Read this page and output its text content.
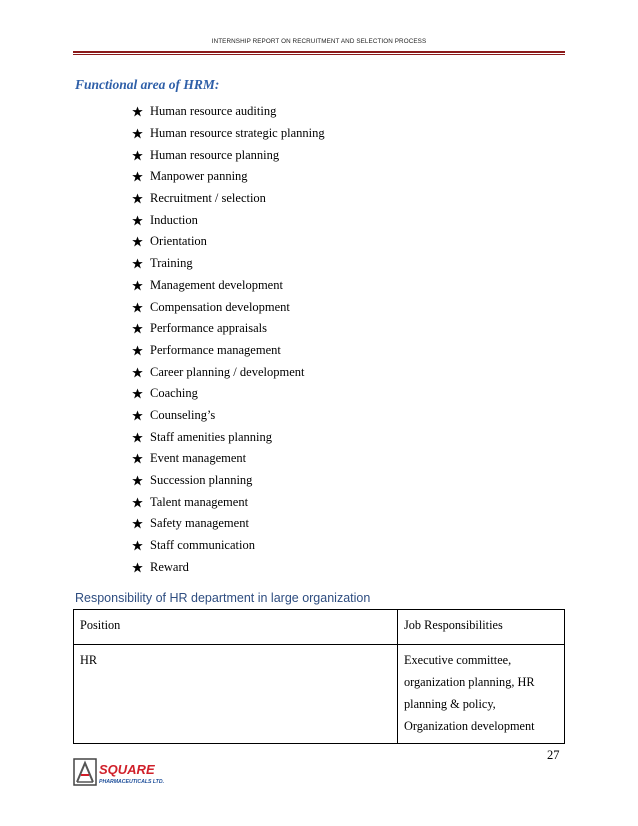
INTERNSHIP REPORT ON RECRUITMENT AND SELECTION PROCESS
Functional area of HRM:
Human resource auditing
Human resource strategic planning
Human resource planning
Manpower panning
Recruitment / selection
Induction
Orientation
Training
Management development
Compensation development
Performance appraisals
Performance management
Career planning / development
Coaching
Counseling’s
Staff amenities planning
Event management
Succession planning
Talent management
Safety management
Staff communication
Reward
Responsibility of HR department in large organization
Position	Job Responsibilities
HR	Executive committee,
organization planning, HR
planning & policy,
Organization development
27
SQUARE
PHARMACEUTICALS LTD.
